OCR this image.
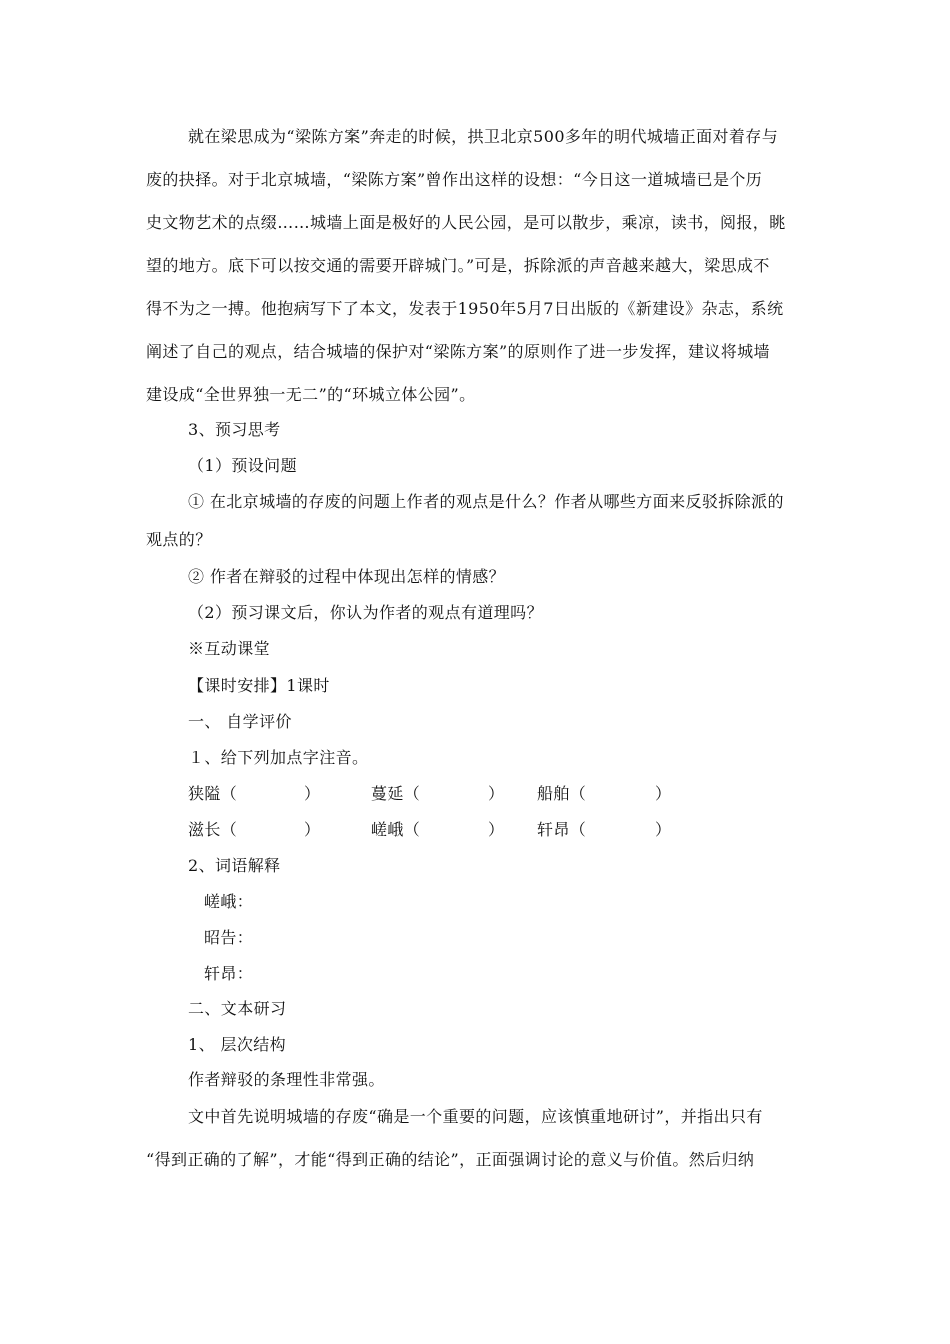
就在梁思成为“梁陈方案”奔走的时候，拱卫北京500多年的明代城墙正面对着存与
废的抉择。对于北京城墙，“梁陈方案”曾作出这样的设想：“今日这一道城墙已是个历
史文物艺术的点缀……城墙上面是极好的人民公园，是可以散步，乘凉，读书，阅报，眺
望的地方。底下可以按交通的需要开辟城门。”可是，拆除派的声音越来越大，梁思成不
得不为之一搏。他抱病写下了本文，发表于1950年5月7日出版的《新建设》杂志，系统
阐述了自己的观点，结合城墙的保护对“梁陈方案”的原则作了进一步发挥，建议将城墙
建设成“全世界独一无二”的“环城立体公园”。
3、预习思考
（1）预设问题
① 在北京城墙的存废的问题上作者的观点是什么？作者从哪些方面来反驳拆除派的
观点的？
② 作者在辩驳的过程中体现出怎样的情感？
（2）预习课文后，你认为作者的观点有道理吗？
※互动课堂
【课时安排】1课时
一、 自学评价
１、给下列加点字注音。
狭隘（	）	蔓延（	） 船舶（	）
滋长（	）	嵯峨（	） 轩昂（	）
2、词语解释
嵯峨：
昭告：
轩昂：
二、文本研习
1、 层次结构
作者辩驳的条理性非常强。
文中首先说明城墙的存废“确是一个重要的问题，应该慎重地研讨”，并指出只有
“得到正确的了解”，才能“得到正确的结论”，正面强调讨论的意义与价值。然后归纳
